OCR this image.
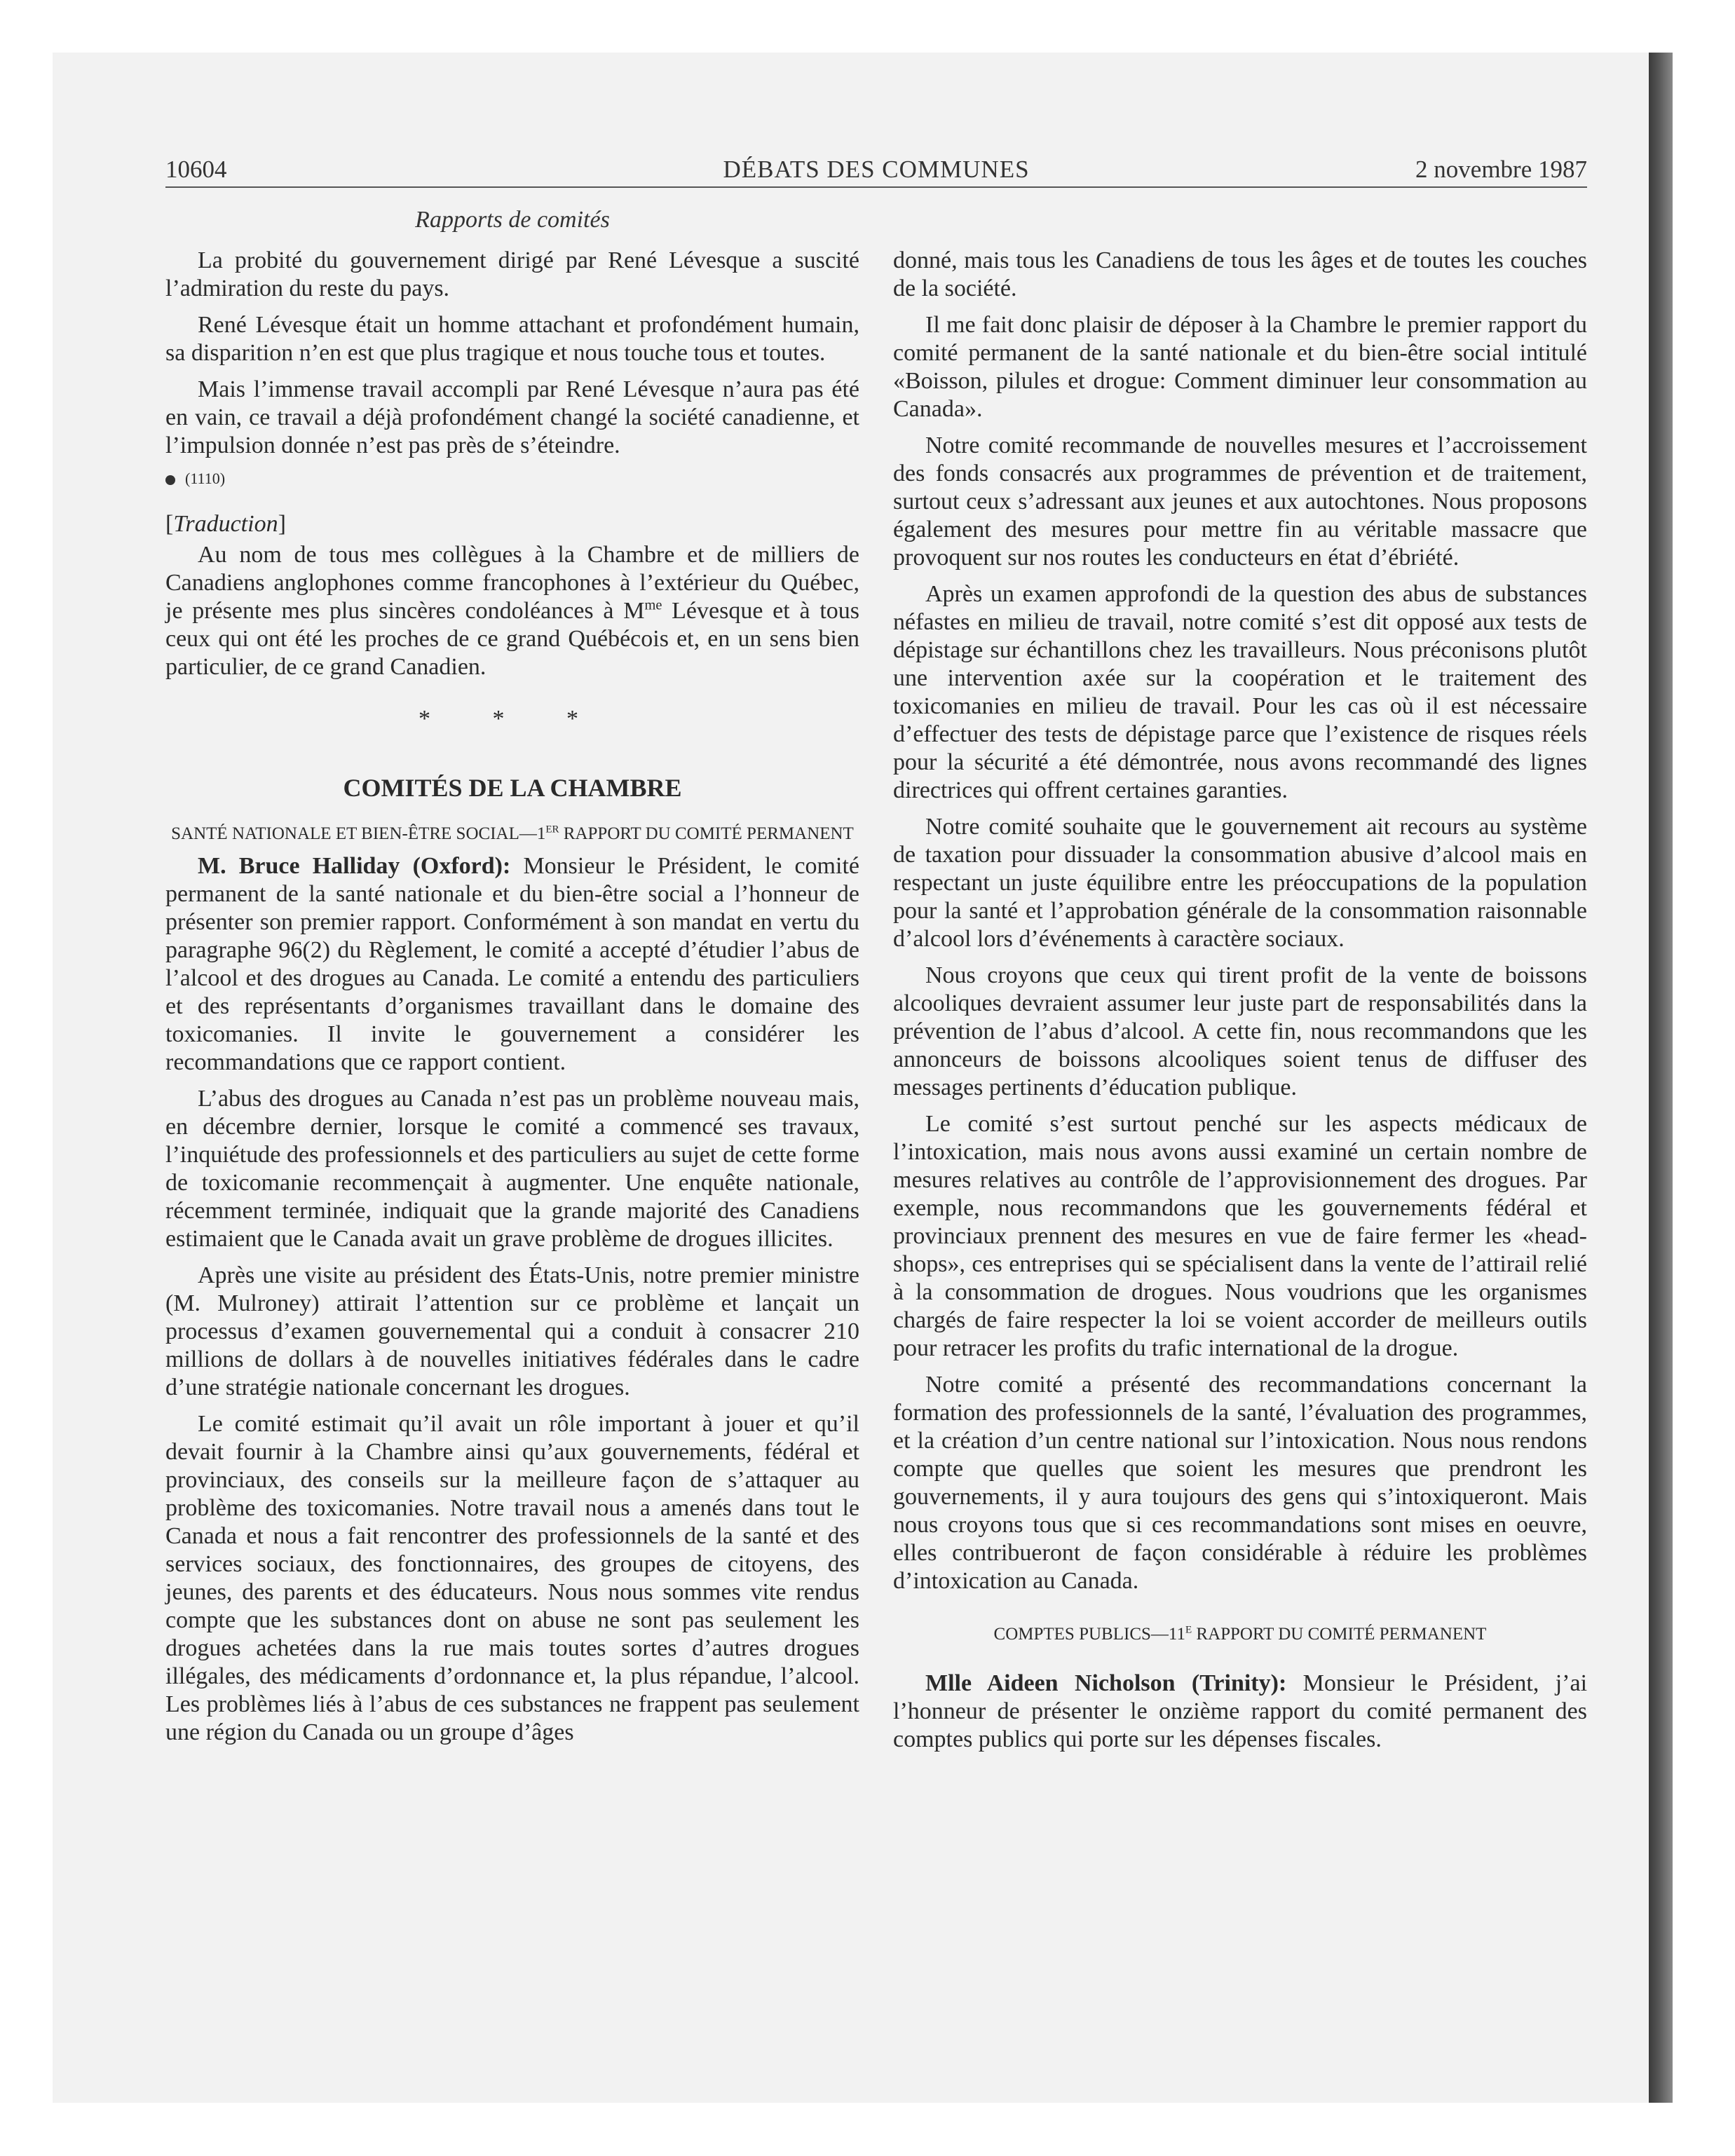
10604	DÉBATS DES COMMUNES	2 novembre 1987
Rapports de comités

La probité du gouvernement dirigé par René Lévesque a suscité l’admiration du reste du pays.

René Lévesque était un homme attachant et profondément humain, sa disparition n’en est que plus tragique et nous touche tous et toutes.

Mais l’immense travail accompli par René Lévesque n’aura pas été en vain, ce travail a déjà profondément changé la société canadienne, et l’impulsion donnée n’est pas près de s’éteindre.

(1110)

[Traduction]

Au nom de tous mes collègues à la Chambre et de milliers de Canadiens anglophones comme francophones à l’extérieur du Québec, je présente mes plus sincères condoléances à $M^{me}$ Lévesque et à tous ceux qui ont été les proches de ce grand Québécois et, en un sens bien particulier, de ce grand Canadien.

* * *
COMITÉS DE LA CHAMBRE
SANTÉ NATIONALE ET BIEN-ÊTRE SOCIAL—1ER RAPPORT DU COMITÉ PERMANENT

M. Bruce Halliday (Oxford): Monsieur le Président, le comité permanent de la santé nationale et du bien-être social a l’honneur de présenter son premier rapport. Conformément à son mandat en vertu du paragraphe 96(2) du Règlement, le comité a accepté d’étudier l’abus de l’alcool et des drogues au Canada. Le comité a entendu des particuliers et des représentants d’organismes travaillant dans le domaine des toxicomanies. Il invite le gouvernement a considérer les recommandations que ce rapport contient.

L’abus des drogues au Canada n’est pas un problème nouveau mais, en décembre dernier, lorsque le comité a commencé ses travaux, l’inquiétude des professionnels et des particuliers au sujet de cette forme de toxicomanie recommençait à augmenter. Une enquête nationale, récemment terminée, indiquait que la grande majorité des Canadiens estimaient que le Canada avait un grave problème de drogues illicites.

Après une visite au président des États-Unis, notre premier ministre (M. Mulroney) attirait l’attention sur ce problème et lançait un processus d’examen gouvernemental qui a conduit à consacrer 210 millions de dollars à de nouvelles initiatives fédérales dans le cadre d’une stratégie nationale concernant les drogues.

Le comité estimait qu’il avait un rôle important à jouer et qu’il devait fournir à la Chambre ainsi qu’aux gouvernements, fédéral et provinciaux, des conseils sur la meilleure façon de s’attaquer au problème des toxicomanies. Notre travail nous a amenés dans tout le Canada et nous a fait rencontrer des professionnels de la santé et des services sociaux, des fonctionnaires, des groupes de citoyens, des jeunes, des parents et des éducateurs. Nous nous sommes vite rendus compte que les substances dont on abuse ne sont pas seulement les drogues achetées dans la rue mais toutes sortes d’autres drogues illégales, des médicaments d’ordonnance et, la plus répandue, l’alcool. Les problèmes liés à l’abus de ces substances ne frappent pas seulement une région du Canada ou un groupe d’âges

donné, mais tous les Canadiens de tous les âges et de toutes les couches de la société.

Il me fait donc plaisir de déposer à la Chambre le premier rapport du comité permanent de la santé nationale et du bien-être social intitulé «Boisson, pilules et drogue: Comment diminuer leur consommation au Canada».

Notre comité recommande de nouvelles mesures et l’accroissement des fonds consacrés aux programmes de prévention et de traitement, surtout ceux s’adressant aux jeunes et aux autochtones. Nous proposons également des mesures pour mettre fin au véritable massacre que provoquent sur nos routes les conducteurs en état d’ébriété.

Après un examen approfondi de la question des abus de substances néfastes en milieu de travail, notre comité s’est dit opposé aux tests de dépistage sur échantillons chez les travailleurs. Nous préconisons plutôt une intervention axée sur la coopération et le traitement des toxicomanies en milieu de travail. Pour les cas où il est nécessaire d’effectuer des tests de dépistage parce que l’existence de risques réels pour la sécurité a été démontrée, nous avons recommandé des lignes directrices qui offrent certaines garanties.

Notre comité souhaite que le gouvernement ait recours au système de taxation pour dissuader la consommation abusive d’alcool mais en respectant un juste équilibre entre les préoccupations de la population pour la santé et l’approbation générale de la consommation raisonnable d’alcool lors d’événements à caractère sociaux.

Nous croyons que ceux qui tirent profit de la vente de boissons alcooliques devraient assumer leur juste part de responsabilités dans la prévention de l’abus d’alcool. A cette fin, nous recommandons que les annonceurs de boissons alcooliques soient tenus de diffuser des messages pertinents d’éducation publique.

Le comité s’est surtout penché sur les aspects médicaux de l’intoxication, mais nous avons aussi examiné un certain nombre de mesures relatives au contrôle de l’approvisionnement des drogues. Par exemple, nous recommandons que les gouvernements fédéral et provinciaux prennent des mesures en vue de faire fermer les «head-shops», ces entreprises qui se spécialisent dans la vente de l’attirail relié à la consommation de drogues. Nous voudrions que les organismes chargés de faire respecter la loi se voient accorder de meilleurs outils pour retracer les profits du trafic international de la drogue.

Notre comité a présenté des recommandations concernant la formation des professionnels de la santé, l’évaluation des programmes, et la création d’un centre national sur l’intoxication. Nous nous rendons compte que quelles que soient les mesures que prendront les gouvernements, il y aura toujours des gens qui s’intoxiqueront. Mais nous croyons tous que si ces recommandations sont mises en oeuvre, elles contribueront de façon considérable à réduire les problèmes d’intoxication au Canada.

COMPTES $PUBLICS—11^E$ RAPPORT DU COMITÉ PERMANENT

Mlle Aideen Nicholson (Trinity): Monsieur le Président, j’ai l’honneur de présenter le onzième rapport du comité permanent des comptes publics qui porte sur les dépenses fiscales.
